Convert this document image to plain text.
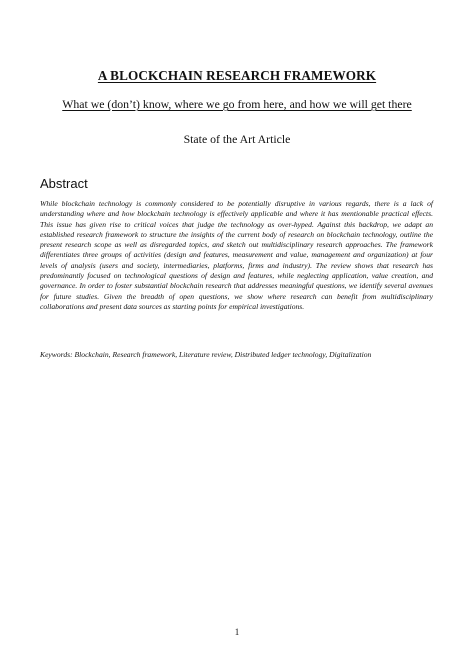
A BLOCKCHAIN RESEARCH FRAMEWORK
What we (don’t) know, where we go from here, and how we will get there
State of the Art Article
Abstract

While blockchain technology is commonly considered to be potentially disruptive in various regards, there is a lack of understanding where and how blockchain technology is effectively applicable and where it has mentionable practical effects. This issue has given rise to critical voices that judge the technology as over-hyped. Against this backdrop, we adapt an established research framework to structure the insights of the current body of research on blockchain technology, outline the present research scope as well as disregarded topics, and sketch out multidisciplinary research approaches. The framework differentiates three groups of activities (design and features, measurement and value, management and organization) at four levels of analysis (users and society, intermediaries, platforms, firms and industry). The review shows that research has predominantly focused on technological questions of design and features, while neglecting application, value creation, and governance. In order to foster substantial blockchain research that addresses meaningful questions, we identify several avenues for future studies. Given the breadth of open questions, we show where research can benefit from multidisciplinary collaborations and present data sources as starting points for empirical investigations.

Keywords: Blockchain, Research framework, Literature review, Distributed ledger technology, Digitalization

1
